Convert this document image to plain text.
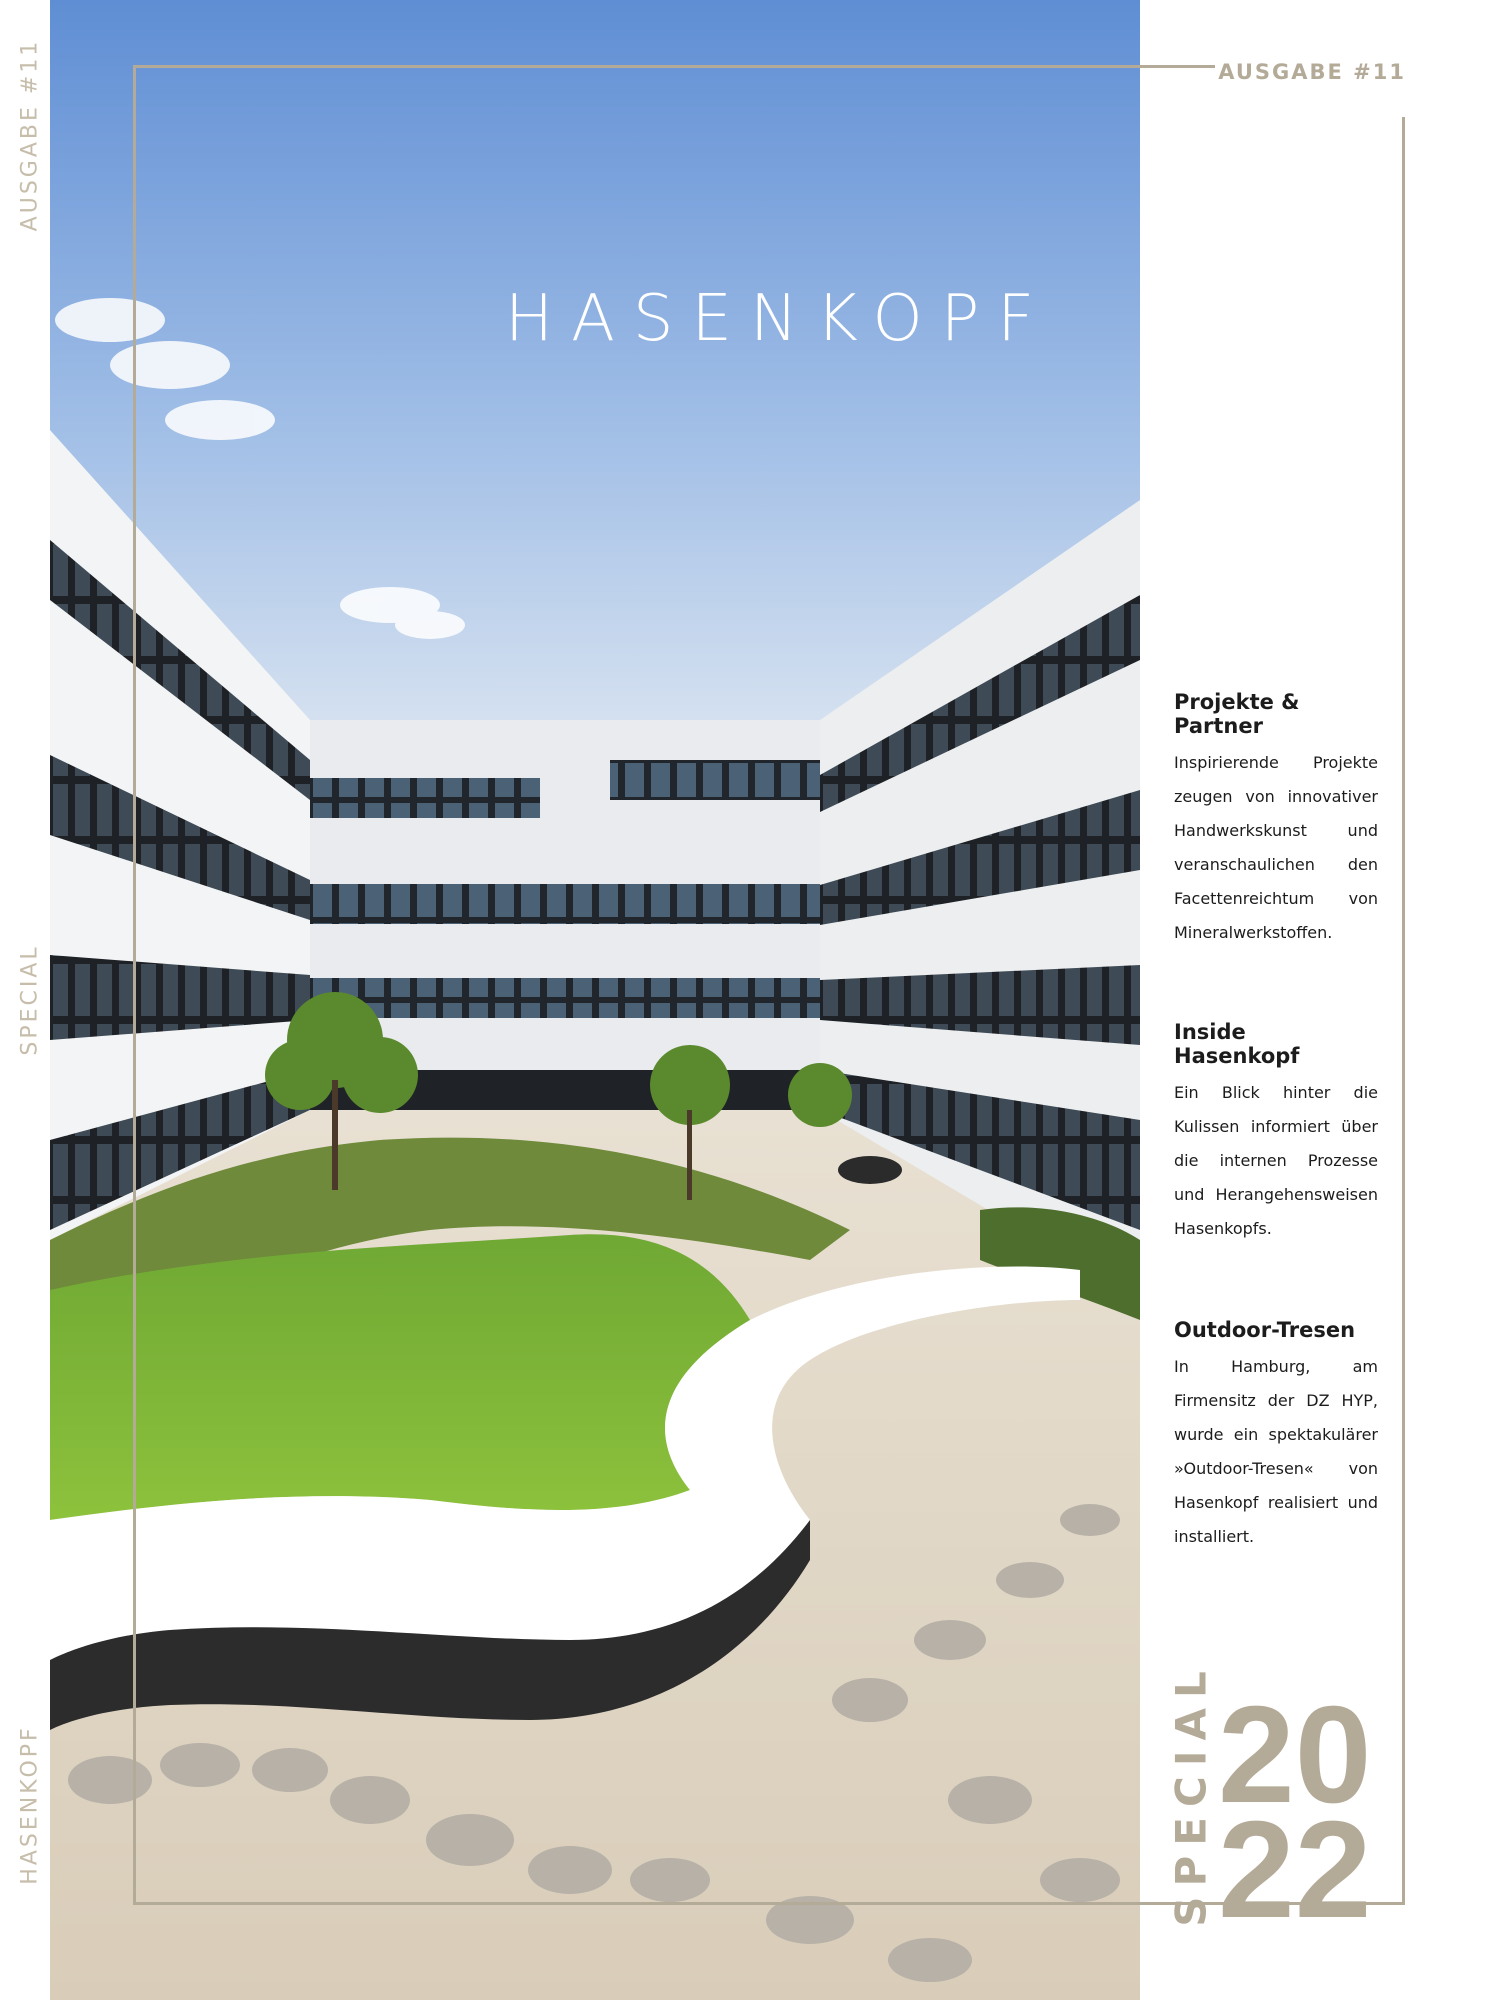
AUSGABE #11
SPECIAL
HASENKOPF
AUSGABE #11
HASENKOPF
Projekte & Partner

Inspirierende Projekte zeugen von innovativer Handwerkskunst und veranschaulichen den Facettenreichtum von Mineralwerkstoffen.

Inside Hasenkopf

Ein Blick hinter die Kulissen informiert über die internen Prozesse und Herangehensweisen Hasenkopfs.

Outdoor-Tresen

In Hamburg, am Firmensitz der DZ HYP, wurde ein spektakulärer »Outdoor-Tresen« von Hasenkopf realisiert und installiert.

SPECIAL 20
22
